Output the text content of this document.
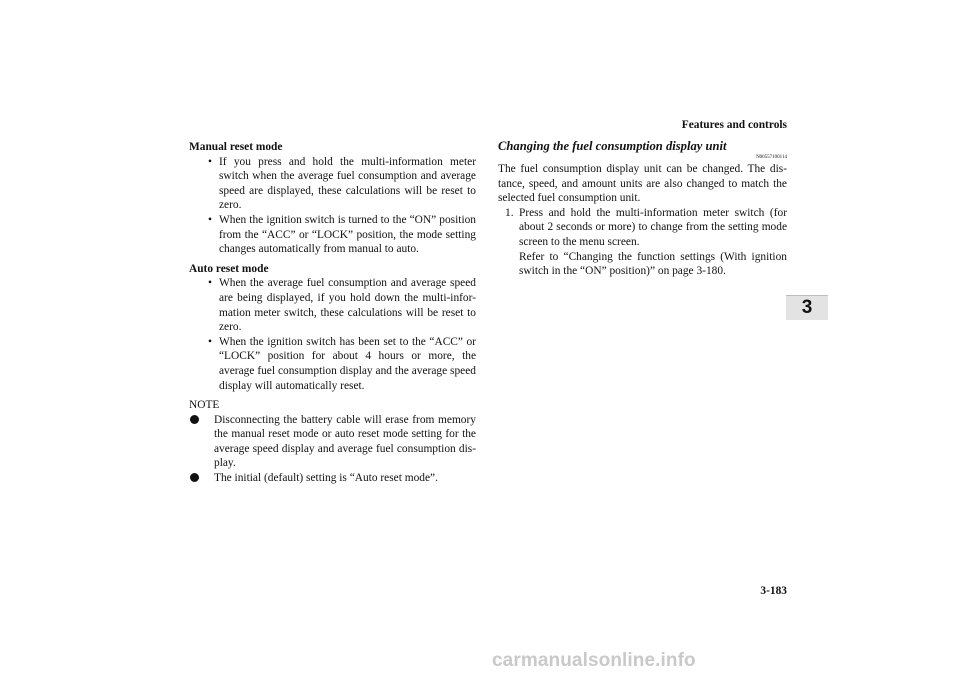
Features and controls
3

Manual reset mode

• If you press and hold the multi-information meter switch when the average fuel consumption and average speed are displayed, these calculations will be reset to zero.
• When the ignition switch is turned to the “ON” position from the “ACC” or “LOCK” position, the mode setting changes automatically from manual to auto.

Auto reset mode

• When the average fuel consumption and average speed are being displayed, if you hold down the multi-infor-mation meter switch, these calculations will be reset to zero.
• When the ignition switch has been set to the “ACC” or “LOCK” position for about 4 hours or more, the average fuel consumption display and the average speed display will automatically reset.
NOTE
Disconnecting the battery cable will erase from memory the manual reset mode or auto reset mode setting for the average speed display and average fuel consumption dis-play.
The initial (default) setting is “Auto reset mode”.
Changing the fuel consumption display unit
N00557100114
The fuel consumption display unit can be changed. The dis-tance, speed, and amount units are also changed to match the selected fuel consumption unit.
1. Press and hold the multi-information meter switch (for about 2 seconds or more) to change from the setting mode screen to the menu screen.
Refer to “Changing the function settings (With ignition switch in the “ON” position)” on page 3-180.
3-183
carmanualsonline.info
